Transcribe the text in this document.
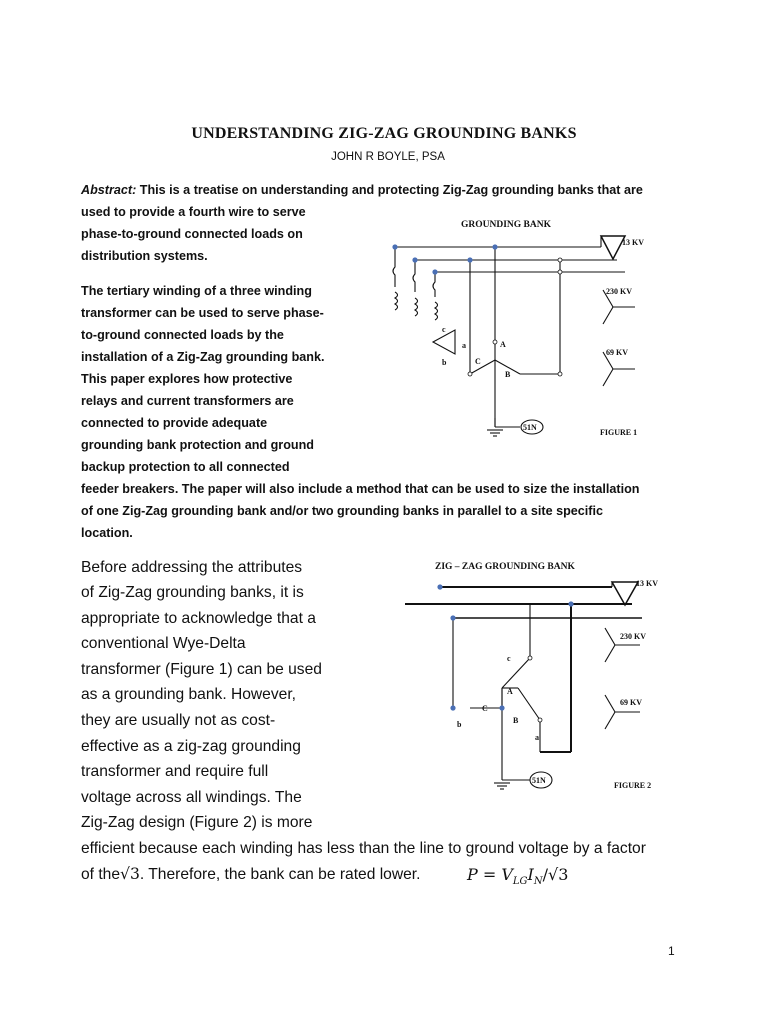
UNDERSTANDING ZIG-ZAG GROUNDING BANKS
JOHN R BOYLE, PSA
Abstract: This is a treatise on understanding and protecting Zig-Zag grounding banks that are
used to provide a fourth wire to serve
phase-to-ground connected loads on
distribution systems.
The tertiary winding of a three winding
transformer can be used to serve phase-
to-ground connected loads by the
installation of a Zig-Zag grounding bank.
This paper explores how protective
relays and current transformers are
connected to provide adequate
grounding bank protection and ground
backup protection to all connected
feeder breakers. The paper will also include a method that can be used to size the installation
of one Zig-Zag grounding bank and/or two grounding banks in parallel to a site specific
location.
Before addressing the attributes
of Zig-Zag grounding banks, it is
appropriate to acknowledge that a
conventional Wye-Delta
transformer (Figure 1) can be used
as a grounding bank. However,
they are usually not as cost-
effective as a zig-zag grounding
transformer and require full
voltage across all windings. The
Zig-Zag design (Figure 2) is more
efficient because each winding has less than the line to ground voltage by a factor
of the√3. Therefore, the bank can be rated lower.	$P = V_{LG}I_N/√3$
GROUNDING BANK
13 KV
230 KV
69 KV
a
b
c
A
B
C
51N
FIGURE 1
ZIG – ZAG GROUNDING BANK
13 KV
230 KV
69 KV
a
b
c
A
B
C
51N
FIGURE 2
1
